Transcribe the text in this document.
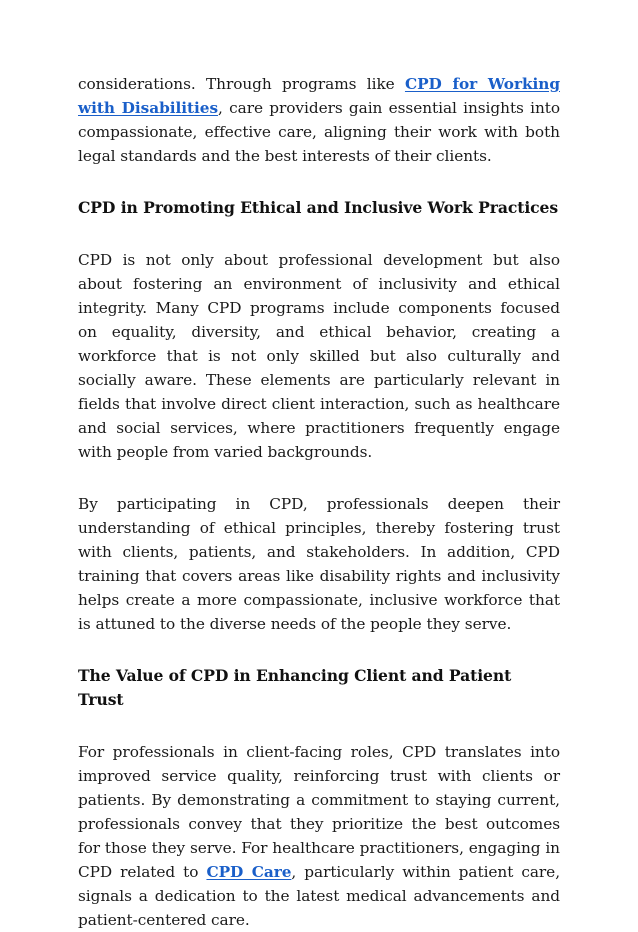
considerations. Through programs like CPD for Working with Disabilities, care providers gain essential insights into compassionate, effective care, aligning their work with both legal standards and the best interests of their clients.

CPD in Promoting Ethical and Inclusive Work Practices

CPD is not only about professional development but also about fostering an environment of inclusivity and ethical integrity. Many CPD programs include components focused on equality, diversity, and ethical behavior, creating a workforce that is not only skilled but also culturally and socially aware. These elements are particularly relevant in fields that involve direct client interaction, such as healthcare and social services, where practitioners frequently engage with people from varied backgrounds.

By participating in CPD, professionals deepen their understanding of ethical principles, thereby fostering trust with clients, patients, and stakeholders. In addition, CPD training that covers areas like disability rights and inclusivity helps create a more compassionate, inclusive workforce that is attuned to the diverse needs of the people they serve.

The Value of CPD in Enhancing Client and Patient Trust

For professionals in client-facing roles, CPD translates into improved service quality, reinforcing trust with clients or patients. By demonstrating a commitment to staying current, professionals convey that they prioritize the best outcomes for those they serve. For healthcare practitioners, engaging in CPD related to CPD Care, particularly within patient care, signals a dedication to the latest medical advancements and patient-centered care.
